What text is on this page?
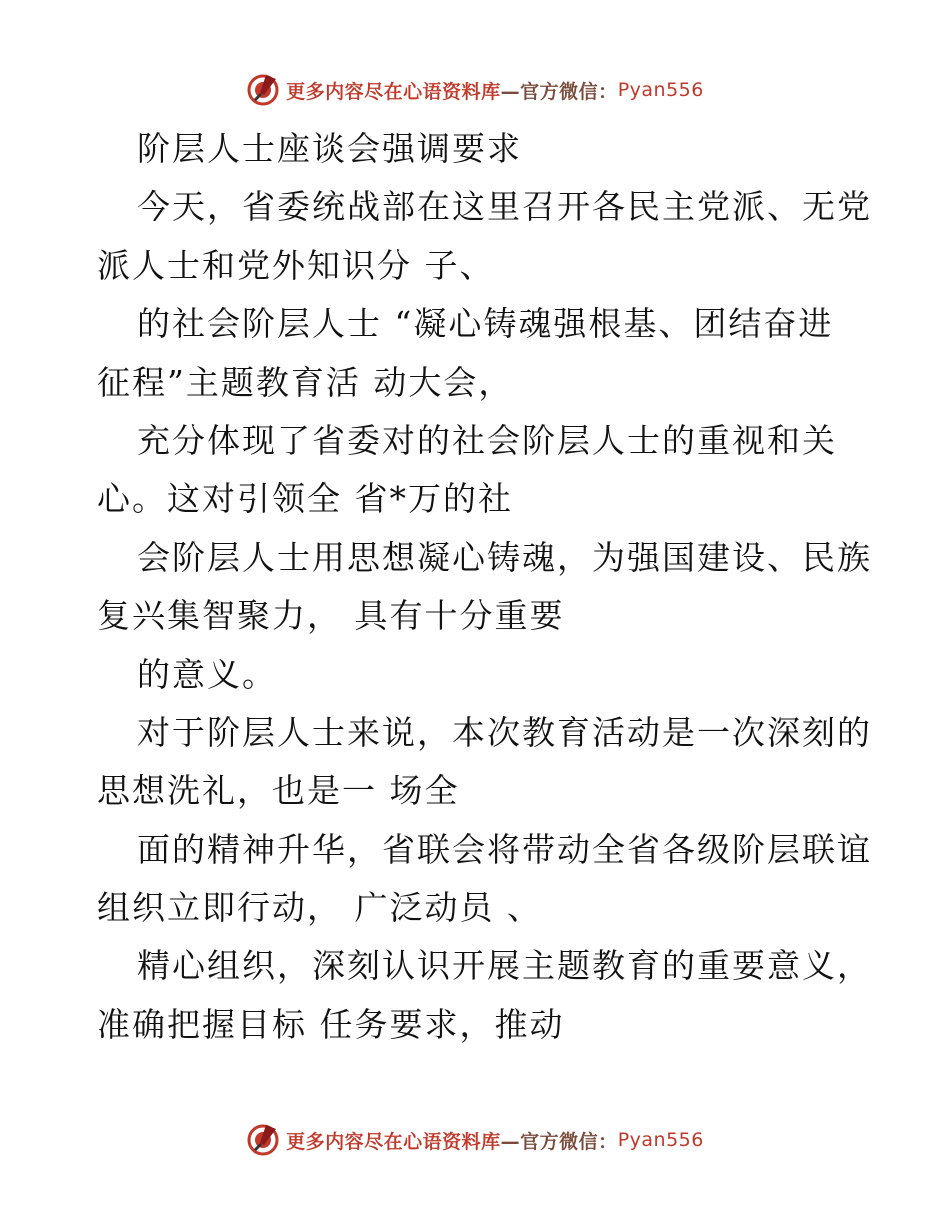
更多内容尽在心语资料库 —官方微信： Pyan556
阶层人士座谈会强调要求
今天，省委统战部在这里召开各民主党派、无党
派人士和党外知识分 子、
的社会阶层人士 “凝心铸魂强根基、团结奋进
征程”主题教育活 动大会，
充分体现了省委对的社会阶层人士的重视和关
心。这对引领全 省*万的社
会阶层人士用思想凝心铸魂，为强国建设、民族
复兴集智聚力， 具有十分重要
的意义。
对于阶层人士来说，本次教育活动是一次深刻的
思想洗礼，也是一 场全
面的精神升华，省联会将带动全省各级阶层联谊
组织立即行动， 广泛动员 、
精心组织，深刻认识开展主题教育的重要意义，
准确把握目标 任务要求，推动
更多内容尽在心语资料库 —官方微信： Pyan556
